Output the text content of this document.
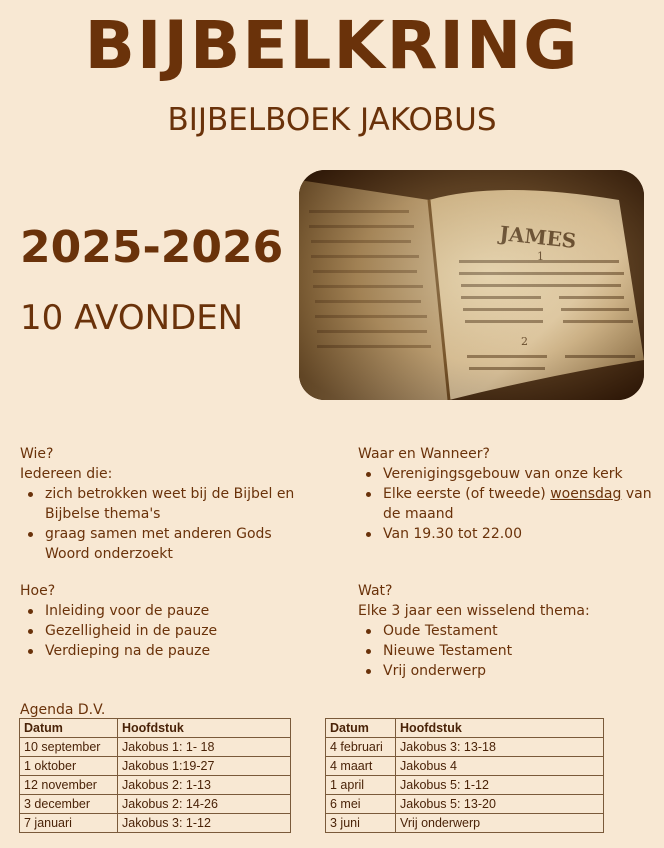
BIJBELKRING
BIJBELBOEK JAKOBUS
2025-2026
10 AVONDEN
JAMES
1
2
Wie?
Iedereen die:
zich betrokken weet bij de Bijbel en Bijbelse thema's
graag samen met anderen Gods Woord onderzoekt
Waar en Wanneer?
Verenigingsgebouw van onze kerk
Elke eerste (of tweede) woensdag van de maand
Van 19.30 tot 22.00
Hoe?
Inleiding voor de pauze
Gezelligheid in de pauze
Verdieping na de pauze
Wat?
Elke 3 jaar een wisselend thema:
Oude Testament
Nieuwe Testament
Vrij onderwerp
Agenda D.V.
Datum	Hoofdstuk
10 september	Jakobus 1: 1- 18
1 oktober	Jakobus 1:19-27
12 november	Jakobus 2: 1-13
3 december	Jakobus 2: 14-26
7 januari	Jakobus 3: 1-12
Datum	Hoofdstuk
4 februari	Jakobus 3: 13-18
4 maart	Jakobus 4
1 april	Jakobus 5: 1-12
6 mei	Jakobus 5: 13-20
3 juni	Vrij onderwerp
